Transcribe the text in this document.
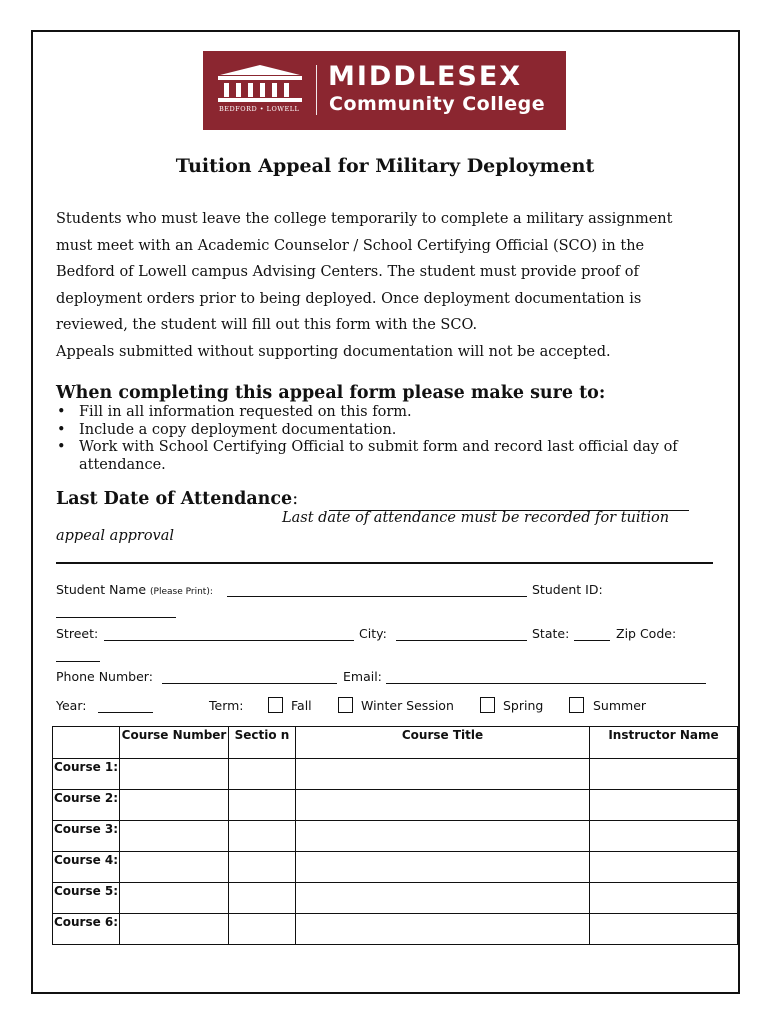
BEDFORD • LOWELL
MIDDLESEX
Community College
Tuition Appeal for Military Deployment
Students who must leave the college temporarily to complete a military assignment
must meet with an Academic Counselor / School Certifying Official (SCO) in the
Bedford of Lowell campus Advising Centers. The student must provide proof of
deployment orders prior to being deployed. Once deployment documentation is
reviewed, the student will fill out this form with the SCO.
Appeals submitted without supporting documentation will not be accepted.
When completing this appeal form please make sure to:
• Fill in all information requested on this form.
• Include a copy deployment documentation.
• Work with School Certifying Official to submit form and record last official day of attendance.
Last Date of Attendance:
Last date of attendance must be recorded for tuition
appeal approval
Student Name (Please Print):	Student ID:
Street:	City:	State:	Zip Code:
Phone Number:	Email:
Year:	Term:	Fall	Winter Session	Spring	Summer
	Course Number	Sectio n	Course Title	Instructor Name
Course 1:				
Course 2:				
Course 3:				
Course 4:				
Course 5:				
Course 6:				
